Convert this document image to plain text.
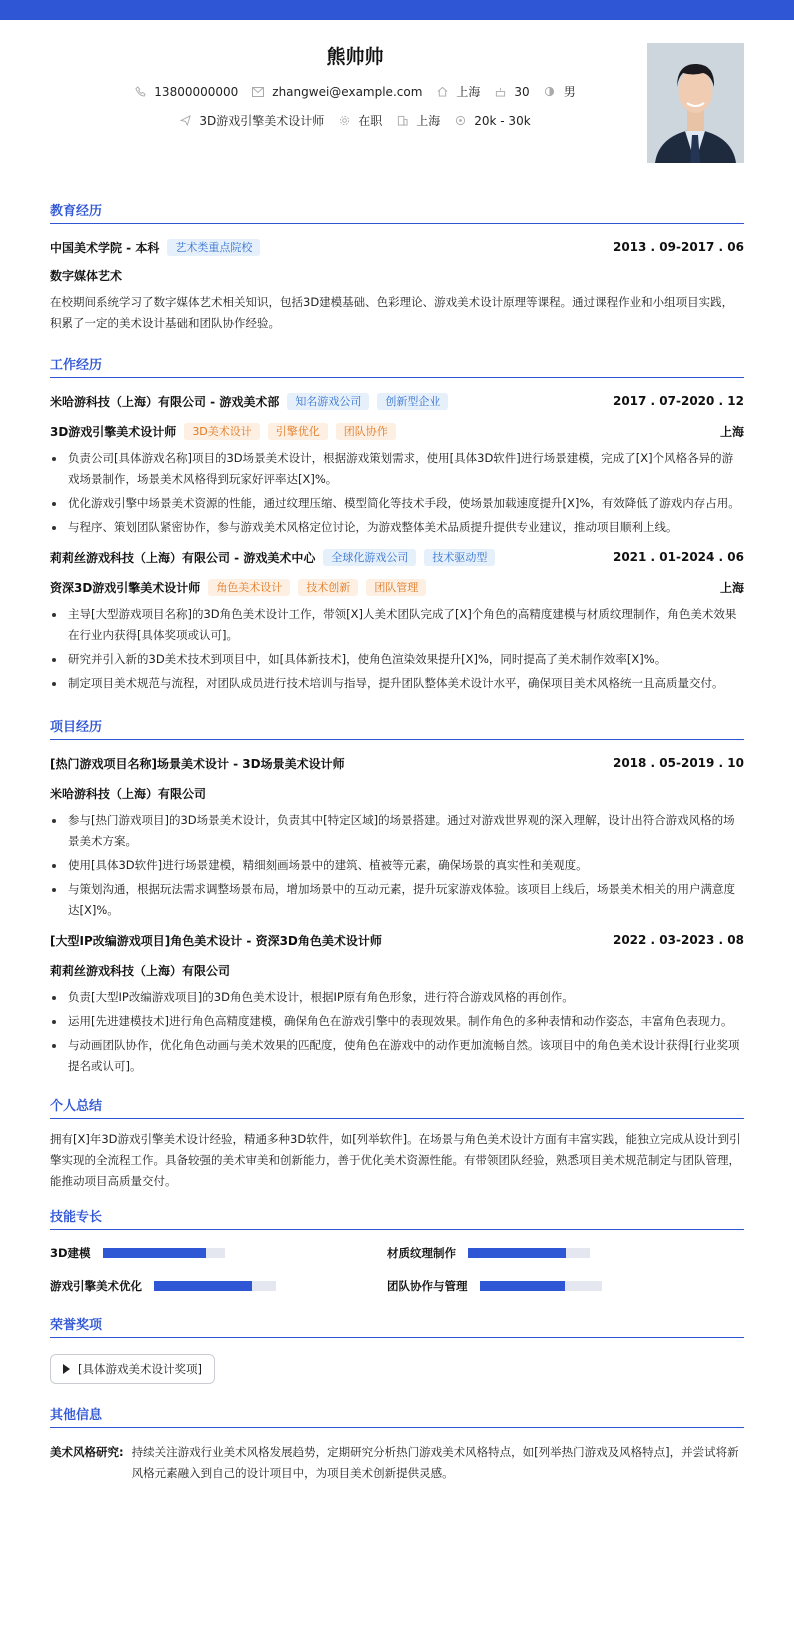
熊帅帅
13800000000	zhangwei@example.com	上海	30	男
3D游戏引擎美术设计师	在职	上海	20k - 30k
教育经历
中国美术学院 - 本科	艺术类重点院校	2013 . 09-2017 . 06
数字媒体艺术

在校期间系统学习了数字媒体艺术相关知识，包括3D建模基础、色彩理论、游戏美术设计原理等课程。通过课程作业和小组项目实践，积累了一定的美术设计基础和团队协作经验。

工作经历
米哈游科技（上海）有限公司 - 游戏美术部	知名游戏公司	创新型企业	2017 . 07-2020 . 12
3D游戏引擎美术设计师	3D美术设计	引擎优化	团队协作	上海
负责公司[具体游戏名称]项目的3D场景美术设计，根据游戏策划需求，使用[具体3D软件]进行场景建模，完成了[X]个风格各异的游戏场景制作，场景美术风格得到玩家好评率达[X]%。
优化游戏引擎中场景美术资源的性能，通过纹理压缩、模型简化等技术手段，使场景加载速度提升[X]%，有效降低了游戏内存占用。
与程序、策划团队紧密协作，参与游戏美术风格定位讨论，为游戏整体美术品质提升提供专业建议，推动项目顺利上线。
莉莉丝游戏科技（上海）有限公司 - 游戏美术中心	全球化游戏公司	技术驱动型	2021 . 01-2024 . 06
资深3D游戏引擎美术设计师	角色美术设计	技术创新	团队管理	上海
主导[大型游戏项目名称]的3D角色美术设计工作，带领[X]人美术团队完成了[X]个角色的高精度建模与材质纹理制作，角色美术效果在行业内获得[具体奖项或认可]。
研究并引入新的3D美术技术到项目中，如[具体新技术]，使角色渲染效果提升[X]%，同时提高了美术制作效率[X]%。
制定项目美术规范与流程，对团队成员进行技术培训与指导，提升团队整体美术设计水平，确保项目美术风格统一且高质量交付。
项目经历
[热门游戏项目名称]场景美术设计 - 3D场景美术设计师	2018 . 05-2019 . 10
米哈游科技（上海）有限公司
参与[热门游戏项目]的3D场景美术设计，负责其中[特定区域]的场景搭建。通过对游戏世界观的深入理解，设计出符合游戏风格的场景美术方案。
使用[具体3D软件]进行场景建模，精细刻画场景中的建筑、植被等元素，确保场景的真实性和美观度。
与策划沟通，根据玩法需求调整场景布局，增加场景中的互动元素，提升玩家游戏体验。该项目上线后，场景美术相关的用户满意度达[X]%。
[大型IP改编游戏项目]角色美术设计 - 资深3D角色美术设计师	2022 . 03-2023 . 08
莉莉丝游戏科技（上海）有限公司
负责[大型IP改编游戏项目]的3D角色美术设计，根据IP原有角色形象，进行符合游戏风格的再创作。
运用[先进建模技术]进行角色高精度建模，确保角色在游戏引擎中的表现效果。制作角色的多种表情和动作姿态，丰富角色表现力。
与动画团队协作，优化角色动画与美术效果的匹配度，使角色在游戏中的动作更加流畅自然。该项目中的角色美术设计获得[行业奖项提名或认可]。
个人总结

拥有[X]年3D游戏引擎美术设计经验，精通多种3D软件，如[列举软件]。在场景与角色美术设计方面有丰富实践，能独立完成从设计到引擎实现的全流程工作。具备较强的美术审美和创新能力，善于优化美术资源性能。有带领团队经验，熟悉项目美术规范制定与团队管理，能推动项目高质量交付。

技能专长
3D建模	材质纹理制作
游戏引擎美术优化	团队协作与管理
荣誉奖项
[具体游戏美术设计奖项]
其他信息
美术风格研究: 持续关注游戏行业美术风格发展趋势，定期研究分析热门游戏美术风格特点，如[列举热门游戏及风格特点]，并尝试将新风格元素融入到自己的设计项目中，为项目美术创新提供灵感。
